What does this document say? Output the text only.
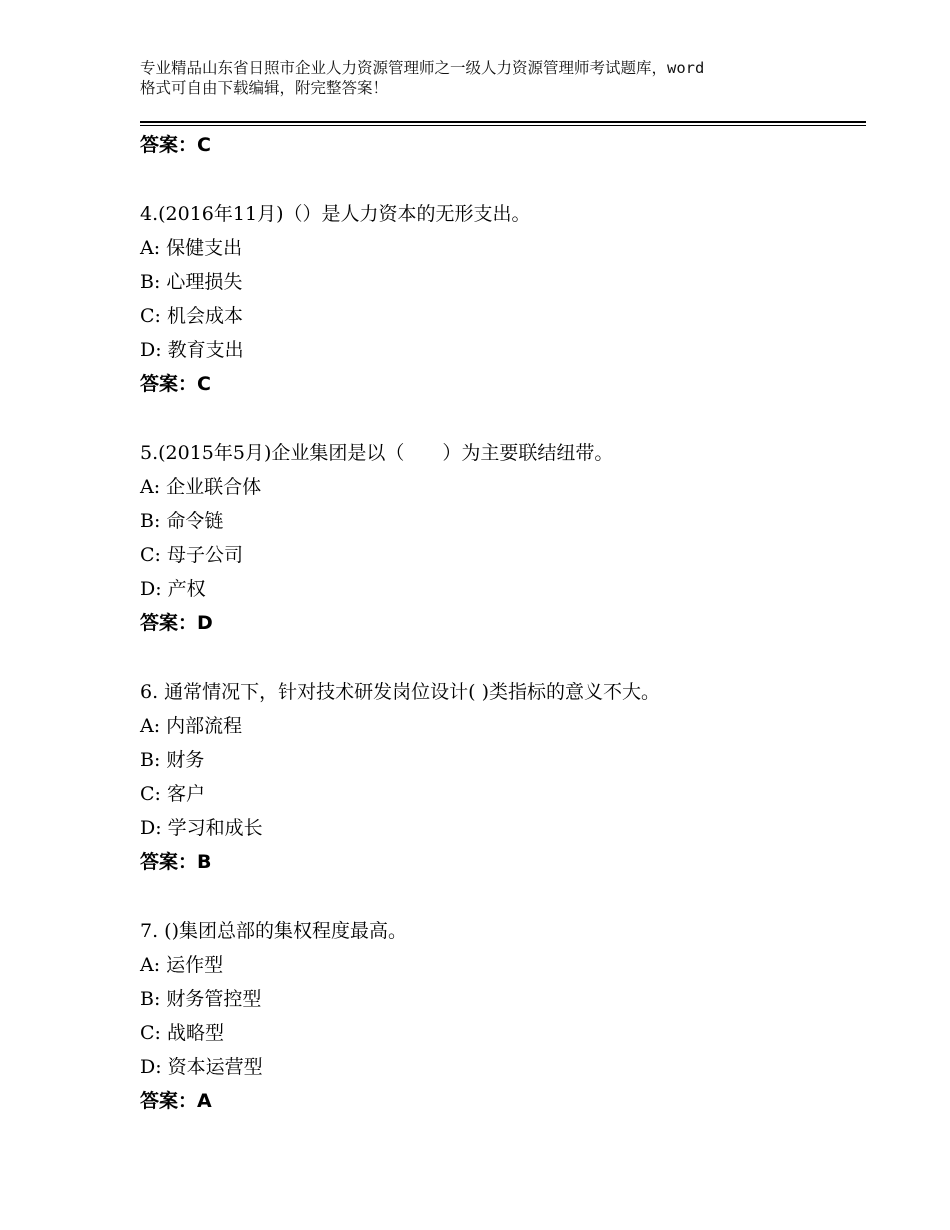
专业精品山东省日照市企业人力资源管理师之一级人力资源管理师考试题库，word
格式可自由下载编辑，附完整答案！
答案：C
4.(2016年11月)（）是人力资本的无形支出。
A: 保健支出
B: 心理损失
C: 机会成本
D: 教育支出
答案：C
5.(2015年5月)企业集团是以（　　）为主要联结纽带。
A: 企业联合体
B: 命令链
C: 母子公司
D: 产权
答案：D
6. 通常情况下，针对技术研发岗位设计( )类指标的意义不大。
A: 内部流程
B: 财务
C: 客户
D: 学习和成长
答案：B
7. ()集团总部的集权程度最高。
A: 运作型
B: 财务管控型
C: 战略型
D: 资本运营型
答案：A
